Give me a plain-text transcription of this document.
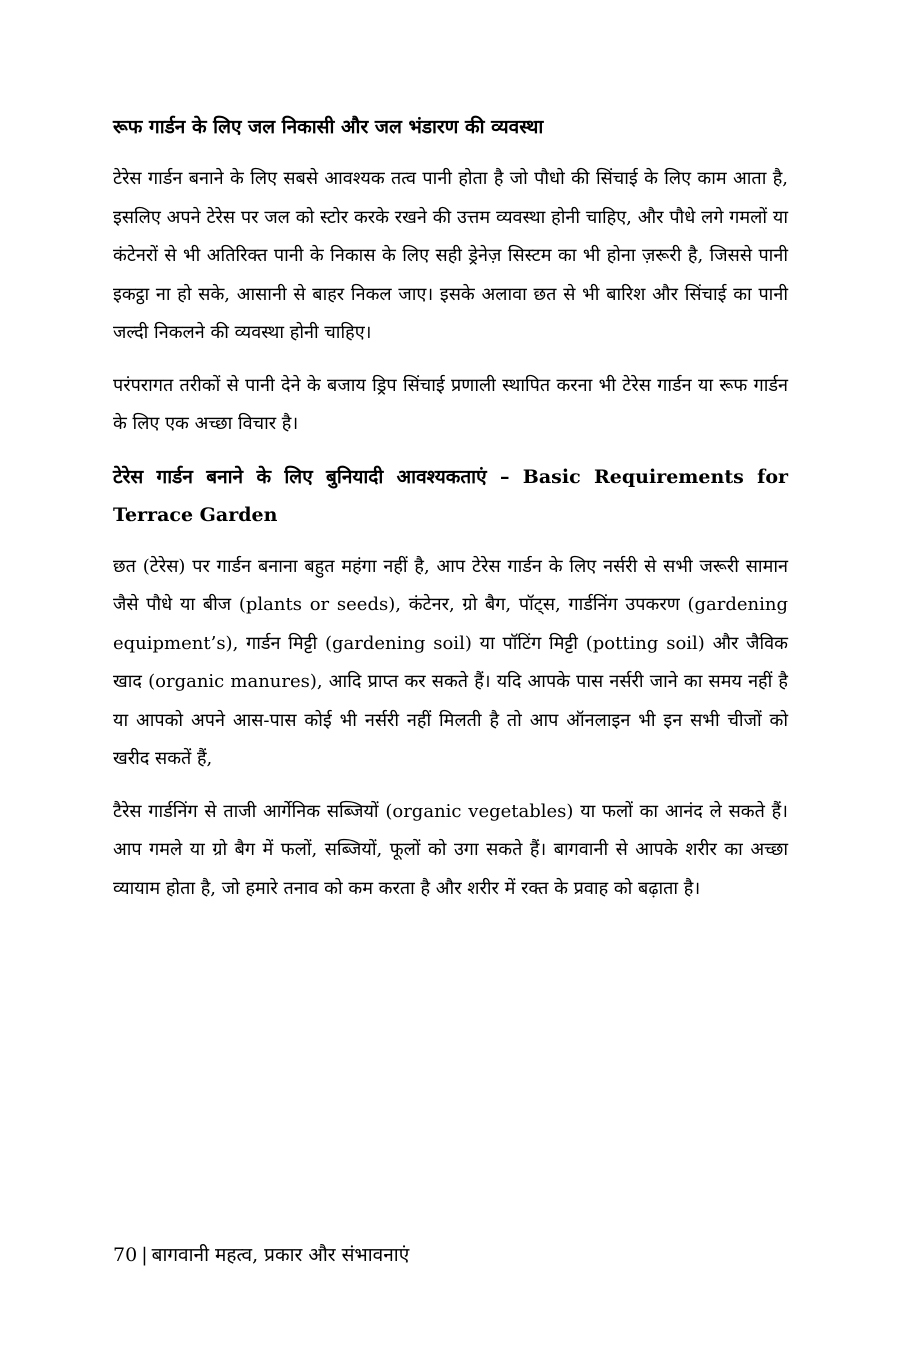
रूफ गार्डन के लिए जल निकासी और जल भंडारण की व्यवस्था

टेरेस गार्डन बनाने के लिए सबसे आवश्यक तत्व पानी होता है जो पौधो की सिंचाई के लिए काम आता है, इसलिए अपने टेरेस पर जल को स्टोर करके रखने की उत्तम व्यवस्था होनी चाहिए, और पौधे लगे गमलों या कंटेनरों से भी अतिरिक्त पानी के निकास के लिए सही ड्रेनेज़ सिस्टम का भी होना ज़रूरी है, जिससे पानी इकट्ठा ना हो सके, आसानी से बाहर निकल जाए। इसके अलावा छत से भी बारिश और सिंचाई का पानी जल्दी निकलने की व्यवस्था होनी चाहिए।

परंपरागत तरीकों से पानी देने के बजाय ड्रिप सिंचाई प्रणाली स्थापित करना भी टेरेस गार्डन या रूफ गार्डन के लिए एक अच्छा विचार है।

टेरेस गार्डन बनाने के लिए बुनियादी आवश्यकताएं – Basic Requirements for Terrace Garden

छत (टेरेस) पर गार्डन बनाना बहुत महंगा नहीं है, आप टेरेस गार्डन के लिए नर्सरी से सभी जरूरी सामान जैसे पौधे या बीज (plants or seeds), कंटेनर, ग्रो बैग, पॉट्स, गार्डनिंग उपकरण (gardening equipment’s), गार्डन मिट्टी (gardening soil) या पॉटिंग मिट्टी (potting soil) और जैविक खाद (organic manures), आदि प्राप्त कर सकते हैं। यदि आपके पास नर्सरी जाने का समय नहीं है या आपको अपने आस-पास कोई भी नर्सरी नहीं मिलती है तो आप ऑनलाइन भी इन सभी चीजों को खरीद सकतें हैं,

टैरेस गार्डनिंग से ताजी आर्गेनिक सब्जियों (organic vegetables) या फलों का आनंद ले सकते हैं। आप गमले या ग्रो बैग में फलों, सब्जियों, फूलों को उगा सकते हैं। बागवानी से आपके शरीर का अच्छा व्यायाम होता है, जो हमारे तनाव को कम करता है और शरीर में रक्त के प्रवाह को बढ़ाता है।

70 | बागवानी महत्व, प्रकार और संभावनाएं
